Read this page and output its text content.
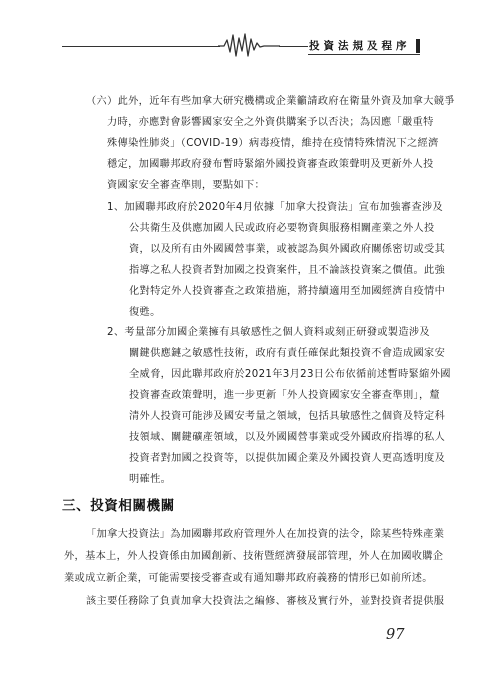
投資法規及程序
（六）此外，近年有些加拿大研究機構或企業籲請政府在衛量外資及加拿大競爭
力時，亦應對會影響國家安全之外資供購案予以否決；為因應「嚴重特
殊傳染性肺炎」（COVID-19）病毒疫情，維持在疫情特殊情況下之經濟
穩定，加國聯邦政府發布暫時緊縮外國投資審查政策聲明及更新外人投
資國家安全審查準則，要點如下：
1、加國聯邦政府於2020年4月依據「加拿大投資法」宣布加強審查涉及
公共衛生及供應加國人民或政府必要物資與服務相關產業之外人投
資，以及所有由外國國營事業，或被認為與外國政府關係密切或受其
指導之私人投資者對加國之投資案件，且不論該投資案之價值。此強
化對特定外人投資審查之政策措施，將持續適用至加國經濟自疫情中
復甦。
2、考量部分加國企業擁有具敏感性之個人資料或刻正研發或製造涉及
關鍵供應鏈之敏感性技術，政府有責任確保此類投資不會造成國家安
全威脅，因此聯邦政府於2021年3月23日公布依循前述暫時緊縮外國
投資審查政策聲明，進一步更新「外人投資國家安全審查準則」，釐
清外人投資可能涉及國安考量之領域，包括具敏感性之個資及特定科
技領域、關鍵礦產領域，以及外國國營事業或受外國政府指導的私人
投資者對加國之投資等，以提供加國企業及外國投資人更高透明度及
明確性。
三、投資相關機關
「加拿大投資法」為加國聯邦政府管理外人在加投資的法令，除某些特殊產業
外，基本上，外人投資係由加國創新、技術暨經濟發展部管理，外人在加國收購企
業或成立新企業，可能需要接受審查或有通知聯邦政府義務的情形已如前所述。
該主要任務除了負責加拿大投資法之編修、審核及實行外，並對投資者提供服
97
